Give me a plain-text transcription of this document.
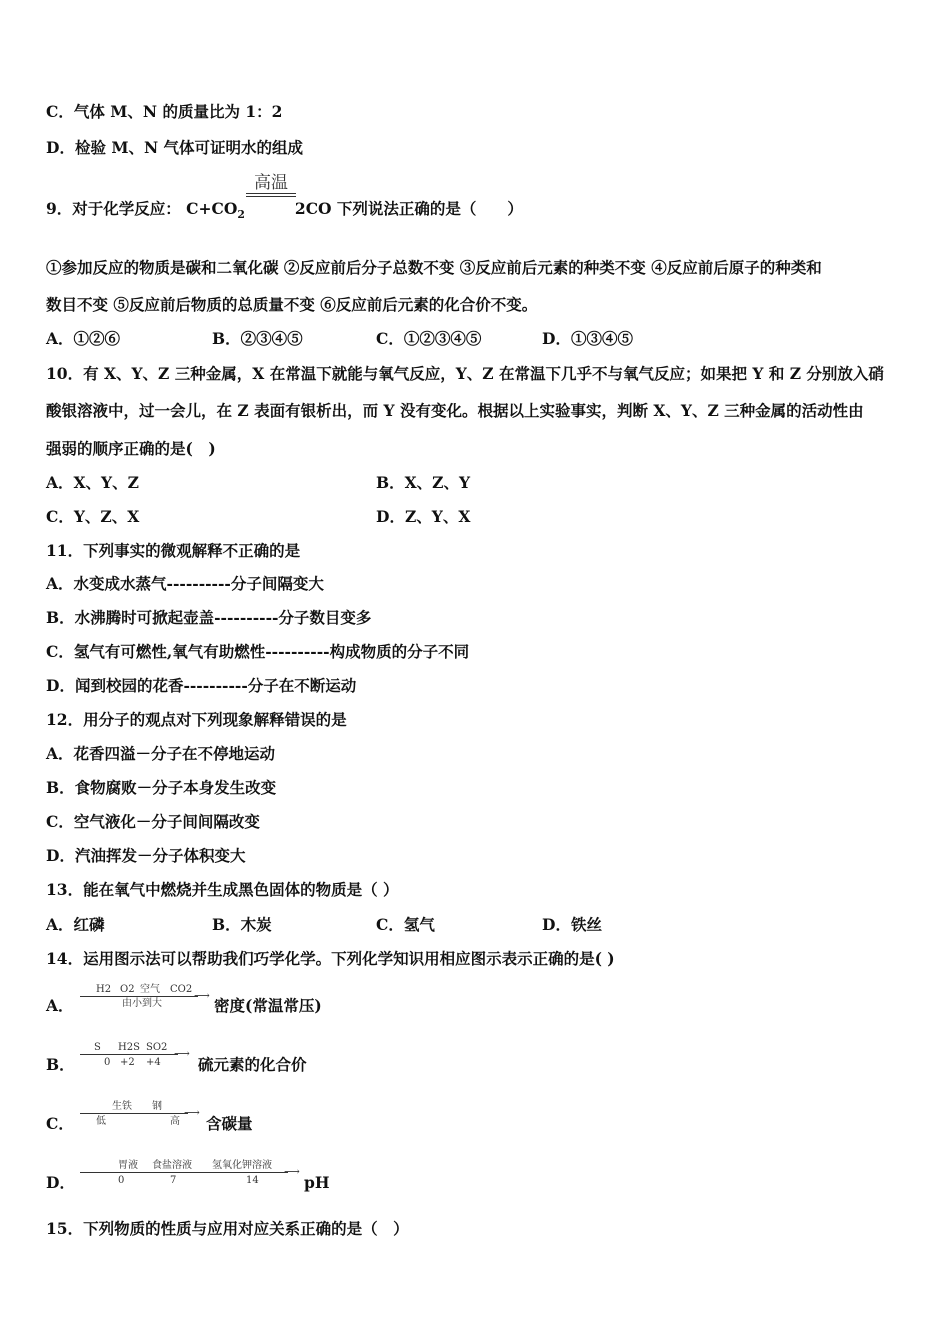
C．气体 M、N 的质量比为 1：2
D．检验 M、N 气体可证明水的组成
高温
9．对于化学反应： $C+CO_2$	2CO 下列说法正确的是（　　）
①参加反应的物质是碳和二氧化碳 ②反应前后分子总数不变 ③反应前后元素的种类不变 ④反应前后原子的种类和
数目不变 ⑤反应前后物质的总质量不变 ⑥反应前后元素的化合价不变。
A．①②⑥	B．②③④⑤	C．①②③④⑤	D．①③④⑤
10．有 X、Y、Z 三种金属，X 在常温下就能与氧气反应，Y、Z 在常温下几乎不与氧气反应；如果把 Y 和 Z 分别放入硝
酸银溶液中，过一会儿，在 Z 表面有银析出，而 Y 没有变化。根据以上实验事实，判断 X、Y、Z 三种金属的活动性由
强弱的顺序正确的是(　)
A．X、Y、Z	B．X、Z、Y
C．Y、Z、X	D．Z、Y、X
11．下列事实的微观解释不正确的是
A．水变成水蒸气----------分子间隔变大
B．水沸腾时可掀起壶盖----------分子数目变多
C．氢气有可燃性,氧气有助燃性----------构成物质的分子不同
D．闻到校园的花香----------分子在不断运动
12．用分子的观点对下列现象解释错误的是
A．花香四溢－分子在不停地运动
B．食物腐败－分子本身发生改变
C．空气液化－分子间间隔改变
D．汽油挥发－分子体积变大
13．能在氧气中燃烧并生成黑色固体的物质是（ ）
A．红磷	B．木炭	C．氢气	D．铁丝
14．运用图示法可以帮助我们巧学化学。下列化学知识用相应图示表示正确的是( )
A．	密度(常温常压)
⟶
H2 O2 空气 CO2
由小到大
B．	硫元素的化合价
⟶
S H2S SO2
0 +2 +4
C．	含碳量
⟶
生铁 钢
低	高
D．	pH
⟶
胃液 食盐溶液 氢氧化钾溶液
0	7	14
15．下列物质的性质与应用对应关系正确的是（　）
